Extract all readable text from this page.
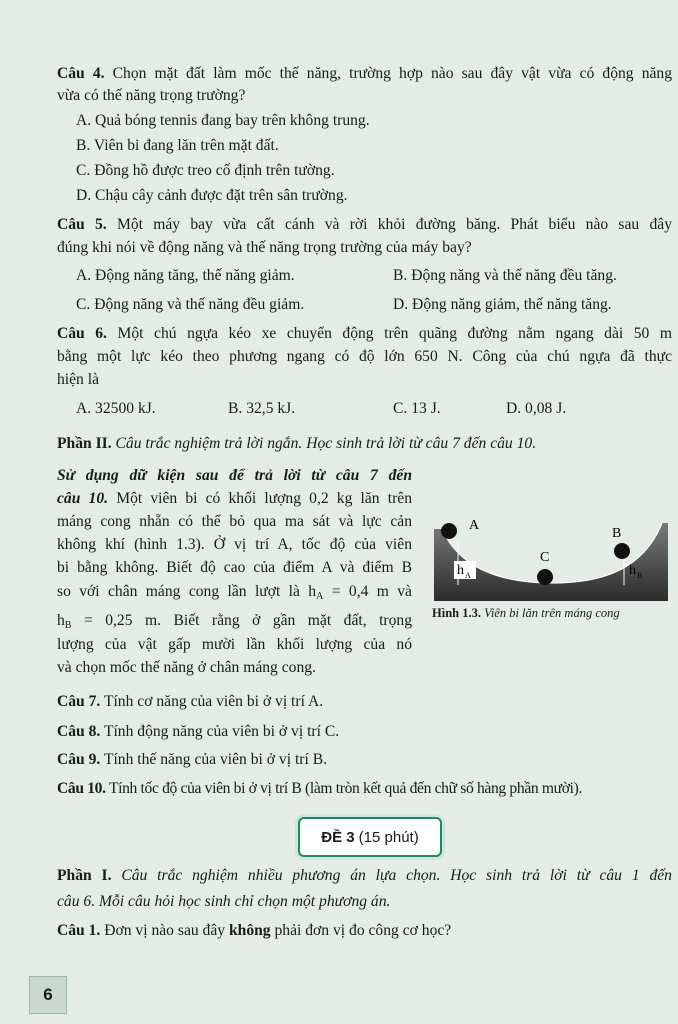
Câu 4. Chọn mặt đất làm mốc thế năng, trường hợp nào sau đây vật vừa có động năng
vừa có thế năng trọng trường?
A. Quả bóng tennis đang bay trên không trung.
B. Viên bi đang lăn trên mặt đất.
C. Đồng hồ được treo cố định trên tường.
D. Chậu cây cảnh được đặt trên sân trường.
Câu 5. Một máy bay vừa cất cánh và rời khỏi đường băng. Phát biểu nào sau đây
đúng khi nói về động năng và thế năng trọng trường của máy bay?
A. Động năng tăng, thế năng giảm.	B. Động năng và thế năng đều tăng.
C. Động năng và thế năng đều giảm.	D. Động năng giảm, thế năng tăng.
Câu 6. Một chú ngựa kéo xe chuyển động trên quãng đường nằm ngang dài 50 m
bằng một lực kéo theo phương ngang có độ lớn 650 N. Công của chú ngựa đã thực
hiện là
A. 32500 kJ.	B. 32,5 kJ.	C. 13 J.	D. 0,08 J.
Phần II. Câu trắc nghiệm trả lời ngắn. Học sinh trả lời từ câu 7 đến câu 10.
Sử dụng dữ kiện sau để trả lời từ câu 7 đến
câu 10. Một viên bi có khối lượng 0,2 kg lăn trên
máng cong nhẵn có thể bỏ qua ma sát và lực cản
không khí (hình 1.3). Ở vị trí A, tốc độ của viên
bi bằng không. Biết độ cao của điểm A và điểm B
so với chân máng cong lần lượt là $h_A = 0,4$ m và
$h_B = 0,25$ m. Biết rằng ở gần mặt đất, trọng
lượng của vật gấp mười lần khối lượng của nó
và chọn mốc thế năng ở chân máng cong.
A
B
C
h A	h B
Hình 1.3. Viên bi lăn trên máng cong
Câu 7. Tính cơ năng của viên bi ở vị trí A.
Câu 8. Tính động năng của viên bi ở vị trí C.
Câu 9. Tính thế năng của viên bi ở vị trí B.
Câu 10. Tính tốc độ của viên bi ở vị trí B (làm tròn kết quả đến chữ số hàng phần mười).
ĐỀ 3 (15 phút)
Phần I. Câu trắc nghiệm nhiều phương án lựa chọn. Học sinh trả lời từ câu 1 đến
câu 6. Mỗi câu hỏi học sinh chỉ chọn một phương án.
Câu 1. Đơn vị nào sau đây không phải đơn vị đo công cơ học?
6
